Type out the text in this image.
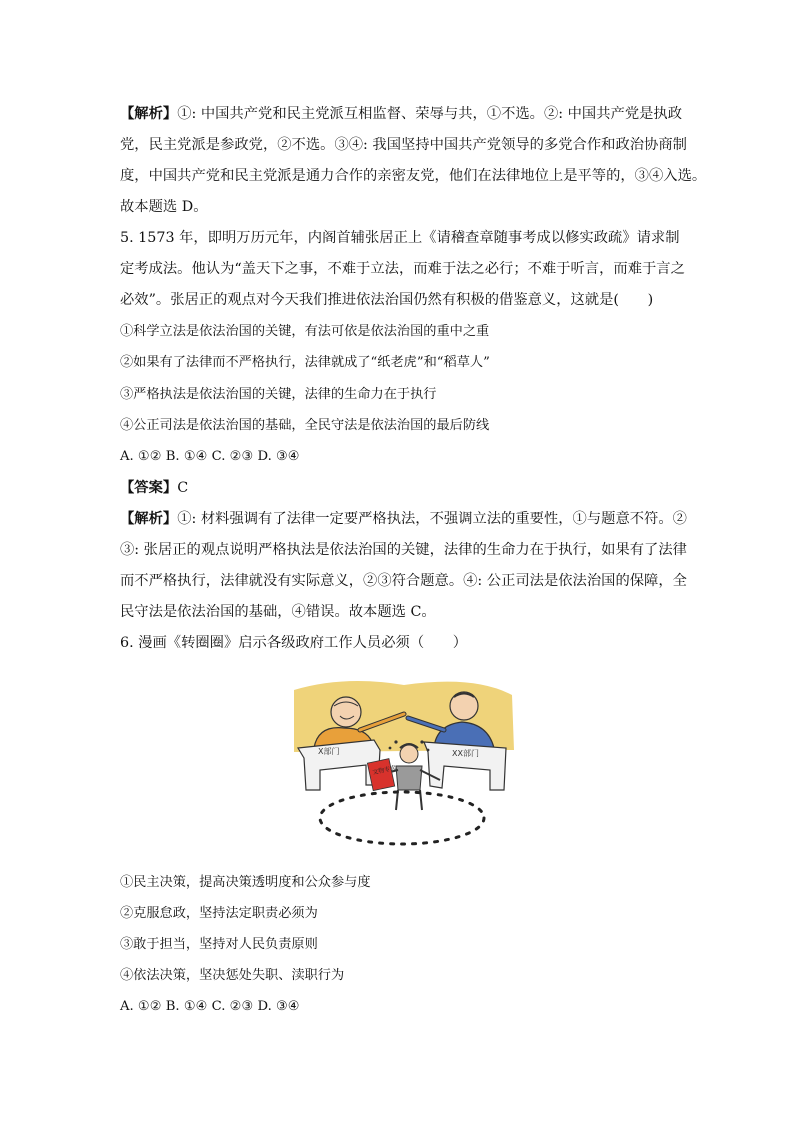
【解析】①: 中国共产党和民主党派互相监督、荣辱与共，①不选。②: 中国共产党是执政
党，民主党派是参政党，②不选。③④: 我国坚持中国共产党领导的多党合作和政治协商制
度，中国共产党和民主党派是通力合作的亲密友党，他们在法律地位上是平等的，③④入选。
故本题选 D。
5. 1573 年，即明万历元年，内阁首辅张居正上《请稽查章随事考成以修实政疏》请求制
定考成法。他认为“盖天下之事，不难于立法，而难于法之必行；不难于听言，而难于言之
必效”。张居正的观点对今天我们推进依法治国仍然有积极的借鉴意义，这就是(　　)
①科学立法是依法治国的关键，有法可依是依法治国的重中之重
②如果有了法律而不严格执行，法律就成了“纸老虎”和“稻草人”
③严格执法是依法治国的关键，法律的生命力在于执行
④公正司法是依法治国的基础，全民守法是依法治国的最后防线
A. ①② B. ①④ C. ②③ D. ③④
【答案】C
【解析】①: 材料强调有了法律一定要严格执法，不强调立法的重要性，①与题意不符。②
③: 张居正的观点说明严格执法是依法治国的关键，法律的生命力在于执行，如果有了法律
而不严格执行，法律就没有实际意义，②③符合题意。④: 公正司法是依法治国的保障，全
民守法是依法治国的基础，④错误。故本题选 C。
6. 漫画《转圈圈》启示各级政府工作人员必须（　　）
X部门	XX部门
文物专卖
①民主决策，提高决策透明度和公众参与度
②克服怠政，坚持法定职责必须为
③敢于担当，坚持对人民负责原则
④依法决策，坚决惩处失职、渎职行为
A. ①② B. ①④ C. ②③ D. ③④
